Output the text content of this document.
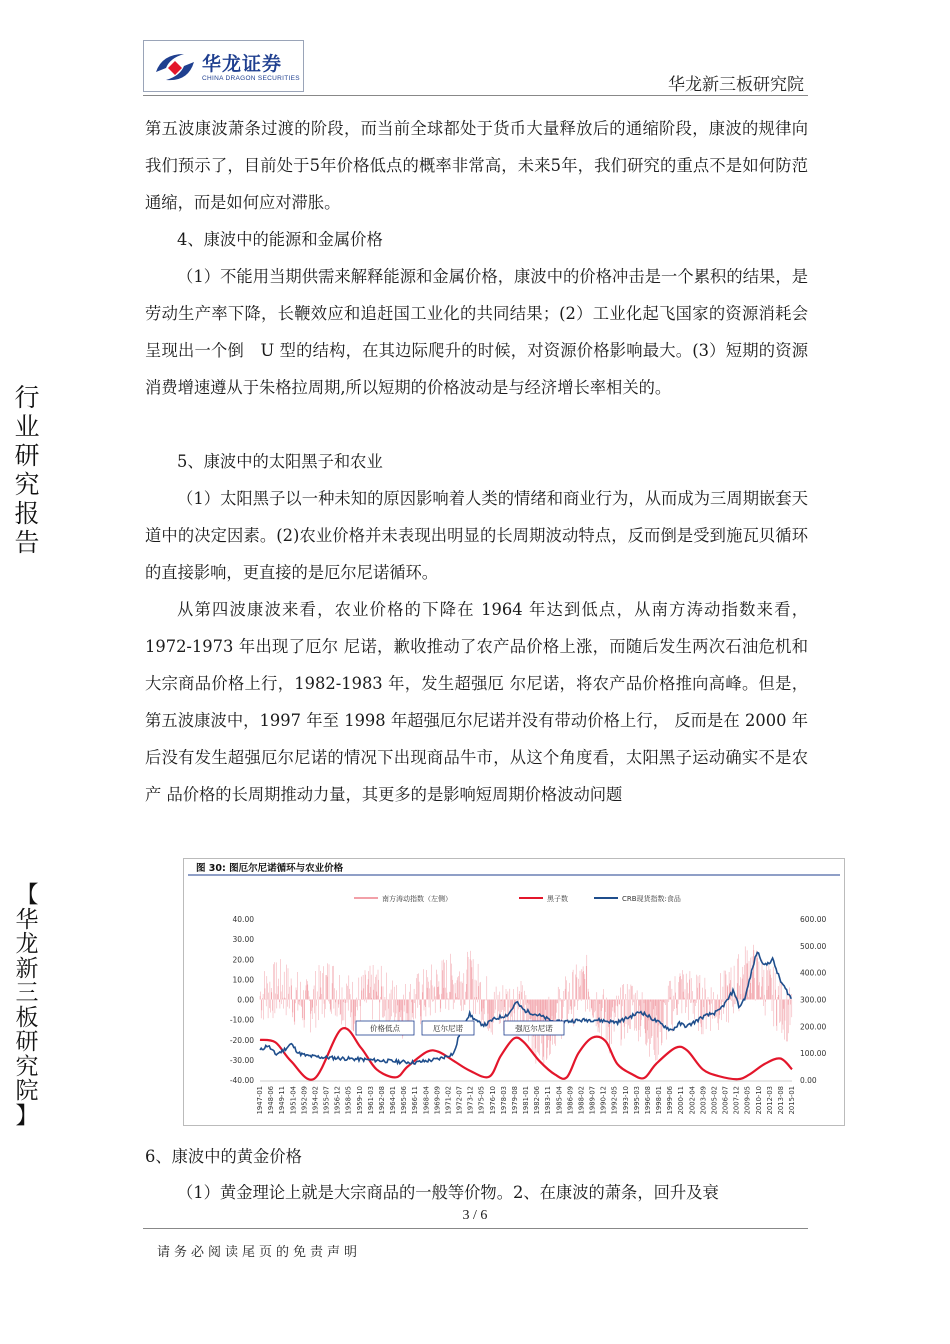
华龙证券
CHINA DRAGON SECURITIES	华龙新三板研究院
行
业
研
究
报
告
【
华
龙
新
三
板
研
究
院
】

第五波康波萧条过渡的阶段，而当前全球都处于货币大量释放后的通缩阶段，康波的规律向我们预示了，目前处于5年价格低点的概率非常高，未来5年，我们研究的重点不是如何防范通缩，而是如何应对滞胀。

4、康波中的能源和金属价格

（1）不能用当期供需来解释能源和金属价格，康波中的价格冲击是一个累积的结果，是劳动生产率下降，长鞭效应和追赶国工业化的共同结果；(2）工业化起飞国家的资源消耗会呈现出一个倒　U 型的结构，在其边际爬升的时候，对资源价格影响最大。(3）短期的资源消费增速遵从于朱格拉周期,所以短期的价格波动是与经济增长率相关的。

5、康波中的太阳黑子和农业

（1）太阳黑子以一种未知的原因影响着人类的情绪和商业行为，从而成为三周期嵌套天道中的决定因素。(2)农业价格并未表现出明显的长周期波动特点，反而倒是受到施瓦贝循环的直接影响，更直接的是厄尔尼诺循环。

从第四波康波来看，农业价格的下降在 1964 年达到低点，从南方涛动指数来看，1972-1973 年出现了厄尔 尼诺，歉收推动了农产品价格上涨，而随后发生两次石油危机和大宗商品价格上行，1982-1983 年，发生超强厄 尔尼诺，将农产品价格推向高峰。但是，第五波康波中，1997 年至 1998 年超强厄尔尼诺并没有带动价格上行， 反而是在 2000 年后没有发生超强厄尔尼诺的情况下出现商品牛市，从这个角度看，太阳黑子运动确实不是农产 品价格的长周期推动力量，其更多的是影响短周期价格波动问题

图 30: 图厄尔尼诺循环与农业价格
南方涛动指数（左侧）	黑子数	CRB现货指数:食品
40.00
30.00
20.00
10.00
0.00
-10.00
-20.00
-30.00
-40.00
600.00
500.00
400.00
300.00
200.00
100.00
0.00
1947-01 1948-06 1949-11 1951-04 1952-09 1954-02 1955-07 1956-12 1958-05 1959-10 1961-03 1962-08 1964-01 1965-06 1966-11 1968-04 1969-09 1971-02 1972-07 1973-12 1975-05 1976-10 1978-03 1979-08 1981-01 1982-06 1983-11 1985-04 1986-09 1988-02 1989-07 1990-12 1992-05 1993-10 1995-03 1996-08 1998-01 1999-06 2000-11 2002-04 2003-09 2005-02 2006-07 2007-12 2009-05 2010-10 2012-03 2013-08 2015-01
价格低点	厄尔尼诺	强厄尔尼诺

6、康波中的黄金价格

（1）黄金理论上就是大宗商品的一般等价物。2、在康波的萧条，回升及衰

3 / 6
请务必阅读尾页的免责声明
